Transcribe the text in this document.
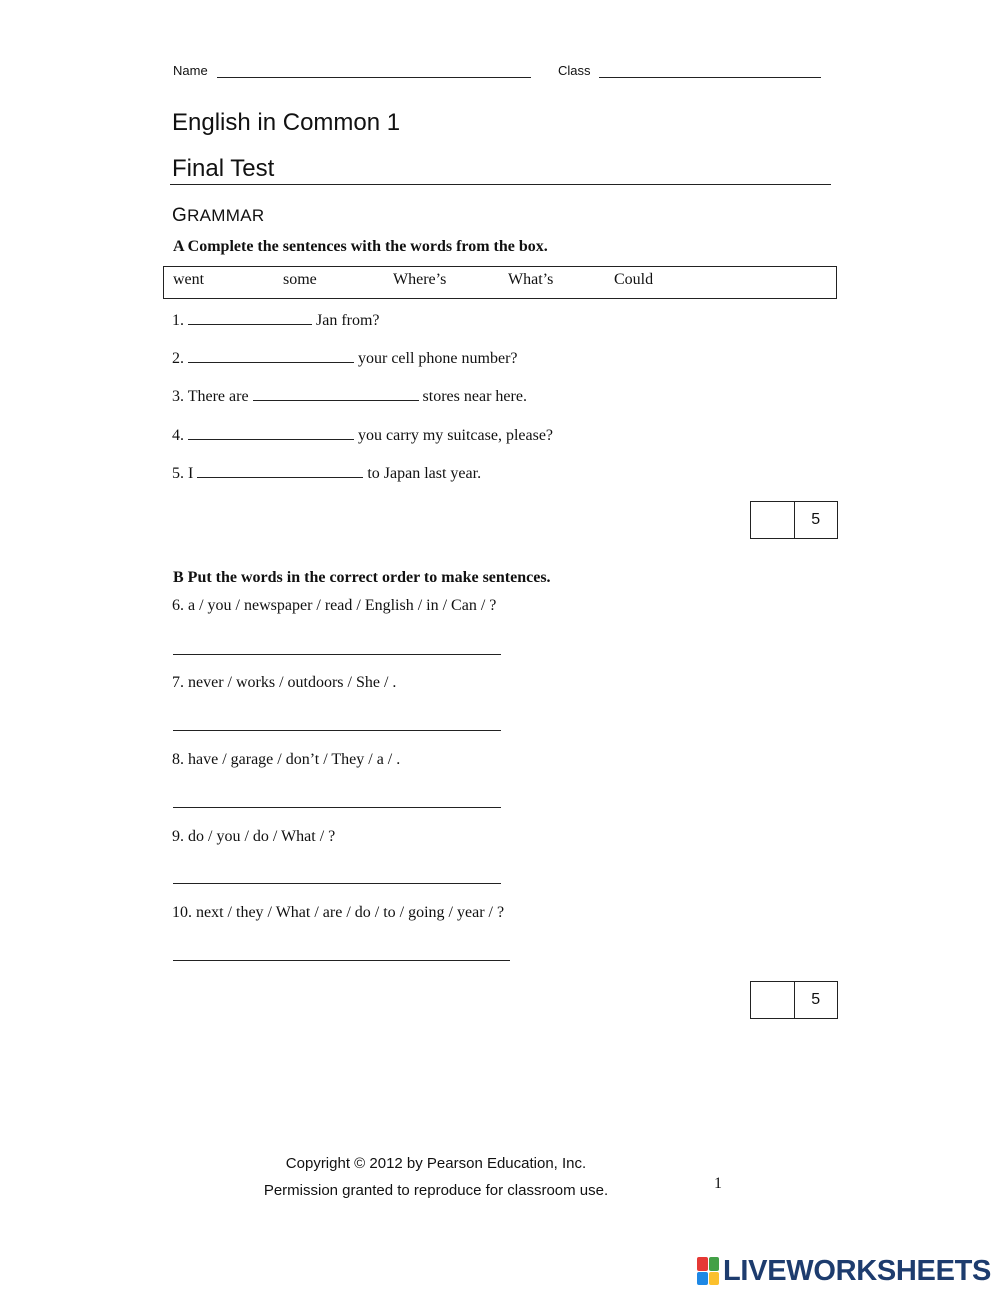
Name	Class
English in Common 1
Final Test
GRAMMAR
A Complete the sentences with the words from the box.
went	some	Where’s	What’s	Could
1.	Jan from?
2.	your cell phone number?
3. There are	stores near here.
4.	you carry my suitcase, please?
5. I	to Japan last year.
5
B Put the words in the correct order to make sentences.
6. a / you / newspaper / read / English / in / Can / ?
7. never / works / outdoors / She / .
8. have / garage / don’t / They / a / .
9. do / you / do / What / ?
10. next / they / What / are / do / to / going / year / ?
5
Copyright © 2012 by Pearson Education, Inc.
Permission granted to reproduce for classroom use.	1
LIVEWORKSHEETS
